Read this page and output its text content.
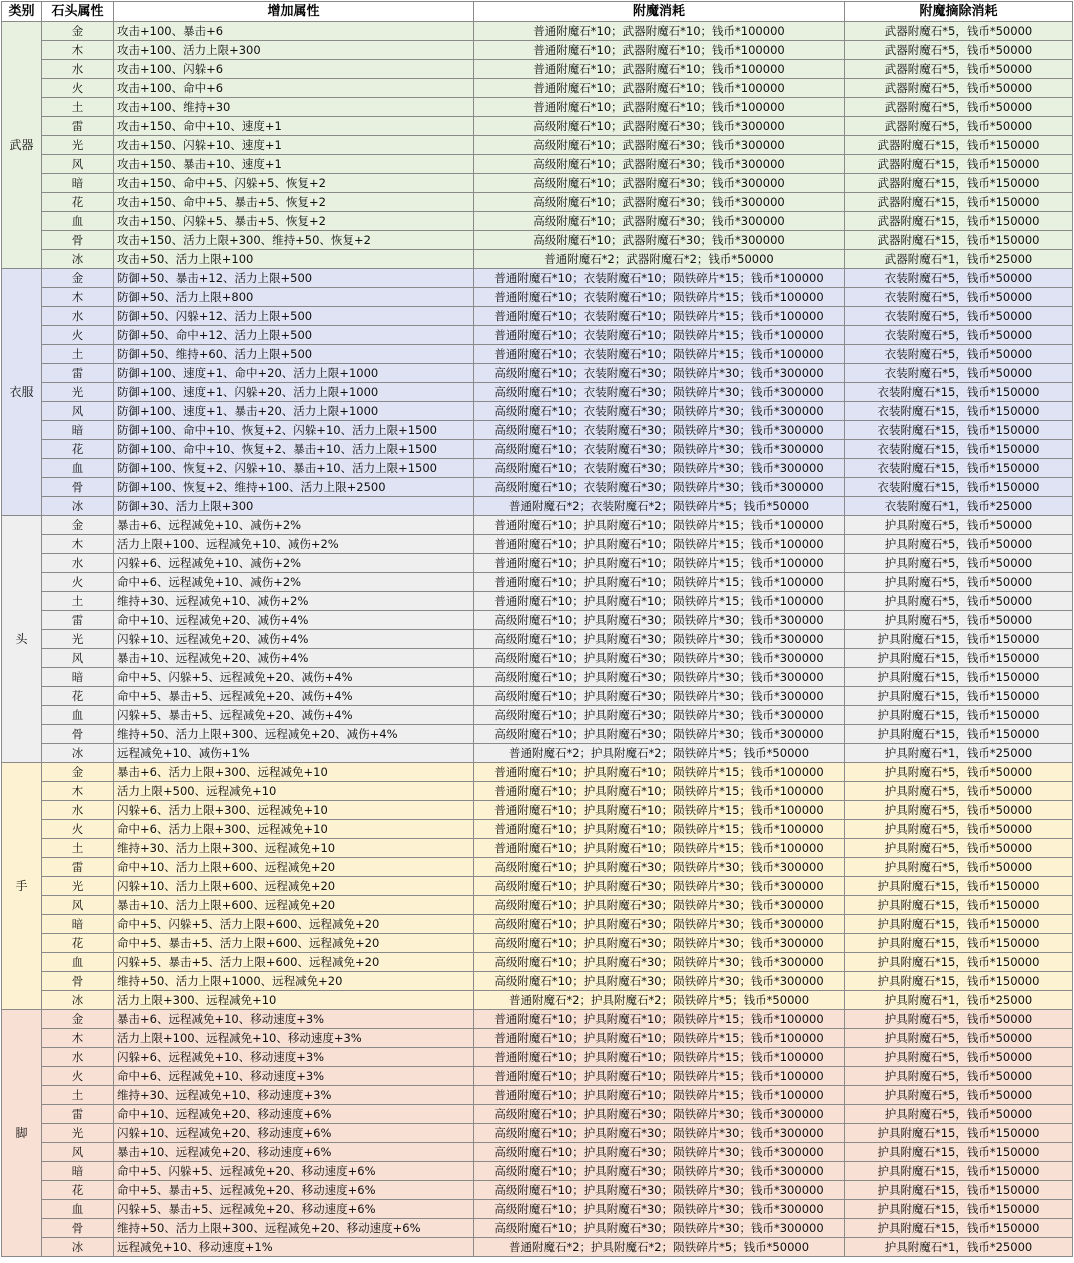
类别	石头属性	增加属性	附魔消耗	附魔摘除消耗
武器	金	攻击+100、暴击+6	普通附魔石*10；武器附魔石*10；钱币*100000	武器附魔石*5，钱币*50000
	木	攻击+100、活力上限+300	普通附魔石*10；武器附魔石*10；钱币*100000	武器附魔石*5，钱币*50000
	水	攻击+100、闪躲+6	普通附魔石*10；武器附魔石*10；钱币*100000	武器附魔石*5，钱币*50000
	火	攻击+100、命中+6	普通附魔石*10；武器附魔石*10；钱币*100000	武器附魔石*5，钱币*50000
	土	攻击+100、维持+30	普通附魔石*10；武器附魔石*10；钱币*100000	武器附魔石*5，钱币*50000
	雷	攻击+150、命中+10、速度+1	高级附魔石*10；武器附魔石*30；钱币*300000	武器附魔石*5，钱币*50000
	光	攻击+150、闪躲+10、速度+1	高级附魔石*10；武器附魔石*30；钱币*300000	武器附魔石*15，钱币*150000
	风	攻击+150、暴击+10、速度+1	高级附魔石*10；武器附魔石*30；钱币*300000	武器附魔石*15，钱币*150000
	暗	攻击+150、命中+5、闪躲+5、恢复+2	高级附魔石*10；武器附魔石*30；钱币*300000	武器附魔石*15，钱币*150000
	花	攻击+150、命中+5、暴击+5、恢复+2	高级附魔石*10；武器附魔石*30；钱币*300000	武器附魔石*15，钱币*150000
	血	攻击+150、闪躲+5、暴击+5、恢复+2	高级附魔石*10；武器附魔石*30；钱币*300000	武器附魔石*15，钱币*150000
	骨	攻击+150、活力上限+300、维持+50、恢复+2	高级附魔石*10；武器附魔石*30；钱币*300000	武器附魔石*15，钱币*150000
	冰	攻击+50、活力上限+100	普通附魔石*2；武器附魔石*2；钱币*50000	武器附魔石*1，钱币*25000
衣服	金	防御+50、暴击+12、活力上限+500	普通附魔石*10；衣装附魔石*10；陨铁碎片*15；钱币*100000	衣装附魔石*5，钱币*50000
	木	防御+50、活力上限+800	普通附魔石*10；衣装附魔石*10；陨铁碎片*15；钱币*100000	衣装附魔石*5，钱币*50000
	水	防御+50、闪躲+12、活力上限+500	普通附魔石*10；衣装附魔石*10；陨铁碎片*15；钱币*100000	衣装附魔石*5，钱币*50000
	火	防御+50、命中+12、活力上限+500	普通附魔石*10；衣装附魔石*10；陨铁碎片*15；钱币*100000	衣装附魔石*5，钱币*50000
	土	防御+50、维持+60、活力上限+500	普通附魔石*10；衣装附魔石*10；陨铁碎片*15；钱币*100000	衣装附魔石*5，钱币*50000
	雷	防御+100、速度+1、命中+20、活力上限+1000	高级附魔石*10；衣装附魔石*30；陨铁碎片*30；钱币*300000	衣装附魔石*5，钱币*50000
	光	防御+100、速度+1、闪躲+20、活力上限+1000	高级附魔石*10；衣装附魔石*30；陨铁碎片*30；钱币*300000	衣装附魔石*15，钱币*150000
	风	防御+100、速度+1、暴击+20、活力上限+1000	高级附魔石*10；衣装附魔石*30；陨铁碎片*30；钱币*300000	衣装附魔石*15，钱币*150000
	暗	防御+100、命中+10、恢复+2、闪躲+10、活力上限+1500	高级附魔石*10；衣装附魔石*30；陨铁碎片*30；钱币*300000	衣装附魔石*15，钱币*150000
	花	防御+100、命中+10、恢复+2、暴击+10、活力上限+1500	高级附魔石*10；衣装附魔石*30；陨铁碎片*30；钱币*300000	衣装附魔石*15，钱币*150000
	血	防御+100、恢复+2、闪躲+10、暴击+10、活力上限+1500	高级附魔石*10；衣装附魔石*30；陨铁碎片*30；钱币*300000	衣装附魔石*15，钱币*150000
	骨	防御+100、恢复+2、维持+100、活力上限+2500	高级附魔石*10；衣装附魔石*30；陨铁碎片*30；钱币*300000	衣装附魔石*15，钱币*150000
	冰	防御+30、活力上限+300	普通附魔石*2；衣装附魔石*2；陨铁碎片*5；钱币*50000	衣装附魔石*1，钱币*25000
头	金	暴击+6、远程减免+10、减伤+2%	普通附魔石*10；护具附魔石*10；陨铁碎片*15；钱币*100000	护具附魔石*5，钱币*50000
	木	活力上限+100、远程减免+10、减伤+2%	普通附魔石*10；护具附魔石*10；陨铁碎片*15；钱币*100000	护具附魔石*5，钱币*50000
	水	闪躲+6、远程减免+10、减伤+2%	普通附魔石*10；护具附魔石*10；陨铁碎片*15；钱币*100000	护具附魔石*5，钱币*50000
	火	命中+6、远程减免+10、减伤+2%	普通附魔石*10；护具附魔石*10；陨铁碎片*15；钱币*100000	护具附魔石*5，钱币*50000
	土	维持+30、远程减免+10、减伤+2%	普通附魔石*10；护具附魔石*10；陨铁碎片*15；钱币*100000	护具附魔石*5，钱币*50000
	雷	命中+10、远程减免+20、减伤+4%	高级附魔石*10；护具附魔石*30；陨铁碎片*30；钱币*300000	护具附魔石*5，钱币*50000
	光	闪躲+10、远程减免+20、减伤+4%	高级附魔石*10；护具附魔石*30；陨铁碎片*30；钱币*300000	护具附魔石*15，钱币*150000
	风	暴击+10、远程减免+20、减伤+4%	高级附魔石*10；护具附魔石*30；陨铁碎片*30；钱币*300000	护具附魔石*15，钱币*150000
	暗	命中+5、闪躲+5、远程减免+20、减伤+4%	高级附魔石*10；护具附魔石*30；陨铁碎片*30；钱币*300000	护具附魔石*15，钱币*150000
	花	命中+5、暴击+5、远程减免+20、减伤+4%	高级附魔石*10；护具附魔石*30；陨铁碎片*30；钱币*300000	护具附魔石*15，钱币*150000
	血	闪躲+5、暴击+5、远程减免+20、减伤+4%	高级附魔石*10；护具附魔石*30；陨铁碎片*30；钱币*300000	护具附魔石*15，钱币*150000
	骨	维持+50、活力上限+300、远程减免+20、减伤+4%	高级附魔石*10；护具附魔石*30；陨铁碎片*30；钱币*300000	护具附魔石*15，钱币*150000
	冰	远程减免+10、减伤+1%	普通附魔石*2；护具附魔石*2；陨铁碎片*5；钱币*50000	护具附魔石*1，钱币*25000
手	金	暴击+6、活力上限+300、远程减免+10	普通附魔石*10；护具附魔石*10；陨铁碎片*15；钱币*100000	护具附魔石*5，钱币*50000
	木	活力上限+500、远程减免+10	普通附魔石*10；护具附魔石*10；陨铁碎片*15；钱币*100000	护具附魔石*5，钱币*50000
	水	闪躲+6、活力上限+300、远程减免+10	普通附魔石*10；护具附魔石*10；陨铁碎片*15；钱币*100000	护具附魔石*5，钱币*50000
	火	命中+6、活力上限+300、远程减免+10	普通附魔石*10；护具附魔石*10；陨铁碎片*15；钱币*100000	护具附魔石*5，钱币*50000
	土	维持+30、活力上限+300、远程减免+10	普通附魔石*10；护具附魔石*10；陨铁碎片*15；钱币*100000	护具附魔石*5，钱币*50000
	雷	命中+10、活力上限+600、远程减免+20	高级附魔石*10；护具附魔石*30；陨铁碎片*30；钱币*300000	护具附魔石*5，钱币*50000
	光	闪躲+10、活力上限+600、远程减免+20	高级附魔石*10；护具附魔石*30；陨铁碎片*30；钱币*300000	护具附魔石*15，钱币*150000
	风	暴击+10、活力上限+600、远程减免+20	高级附魔石*10；护具附魔石*30；陨铁碎片*30；钱币*300000	护具附魔石*15，钱币*150000
	暗	命中+5、闪躲+5、活力上限+600、远程减免+20	高级附魔石*10；护具附魔石*30；陨铁碎片*30；钱币*300000	护具附魔石*15，钱币*150000
	花	命中+5、暴击+5、活力上限+600、远程减免+20	高级附魔石*10；护具附魔石*30；陨铁碎片*30；钱币*300000	护具附魔石*15，钱币*150000
	血	闪躲+5、暴击+5、活力上限+600、远程减免+20	高级附魔石*10；护具附魔石*30；陨铁碎片*30；钱币*300000	护具附魔石*15，钱币*150000
	骨	维持+50、活力上限+1000、远程减免+20	高级附魔石*10；护具附魔石*30；陨铁碎片*30；钱币*300000	护具附魔石*15，钱币*150000
	冰	活力上限+300、远程减免+10	普通附魔石*2；护具附魔石*2；陨铁碎片*5；钱币*50000	护具附魔石*1，钱币*25000
脚	金	暴击+6、远程减免+10、移动速度+3%	普通附魔石*10；护具附魔石*10；陨铁碎片*15；钱币*100000	护具附魔石*5，钱币*50000
	木	活力上限+100、远程减免+10、移动速度+3%	普通附魔石*10；护具附魔石*10；陨铁碎片*15；钱币*100000	护具附魔石*5，钱币*50000
	水	闪躲+6、远程减免+10、移动速度+3%	普通附魔石*10；护具附魔石*10；陨铁碎片*15；钱币*100000	护具附魔石*5，钱币*50000
	火	命中+6、远程减免+10、移动速度+3%	普通附魔石*10；护具附魔石*10；陨铁碎片*15；钱币*100000	护具附魔石*5，钱币*50000
	土	维持+30、远程减免+10、移动速度+3%	普通附魔石*10；护具附魔石*10；陨铁碎片*15；钱币*100000	护具附魔石*5，钱币*50000
	雷	命中+10、远程减免+20、移动速度+6%	高级附魔石*10；护具附魔石*30；陨铁碎片*30；钱币*300000	护具附魔石*5，钱币*50000
	光	闪躲+10、远程减免+20、移动速度+6%	高级附魔石*10；护具附魔石*30；陨铁碎片*30；钱币*300000	护具附魔石*15，钱币*150000
	风	暴击+10、远程减免+20、移动速度+6%	高级附魔石*10；护具附魔石*30；陨铁碎片*30；钱币*300000	护具附魔石*15，钱币*150000
	暗	命中+5、闪躲+5、远程减免+20、移动速度+6%	高级附魔石*10；护具附魔石*30；陨铁碎片*30；钱币*300000	护具附魔石*15，钱币*150000
	花	命中+5、暴击+5、远程减免+20、移动速度+6%	高级附魔石*10；护具附魔石*30；陨铁碎片*30；钱币*300000	护具附魔石*15，钱币*150000
	血	闪躲+5、暴击+5、远程减免+20、移动速度+6%	高级附魔石*10；护具附魔石*30；陨铁碎片*30；钱币*300000	护具附魔石*15，钱币*150000
	骨	维持+50、活力上限+300、远程减免+20、移动速度+6%	高级附魔石*10；护具附魔石*30；陨铁碎片*30；钱币*300000	护具附魔石*15，钱币*150000
	冰	远程减免+10、移动速度+1%	普通附魔石*2；护具附魔石*2；陨铁碎片*5；钱币*50000	护具附魔石*1，钱币*25000
